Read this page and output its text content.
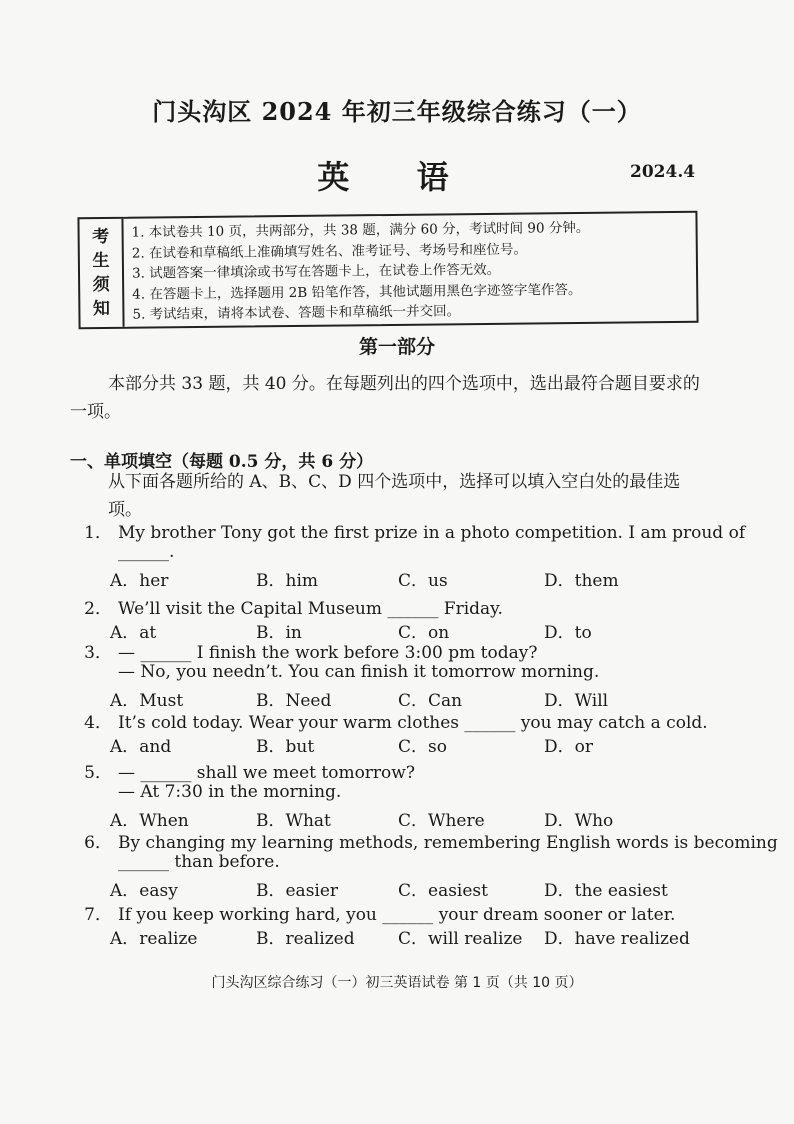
门头沟区 2024 年初三年级综合练习（一）
英 语	2024.4
考
生
须
知
1. 本试卷共 10 页，共两部分，共 38 题，满分 60 分，考试时间 90 分钟。
2. 在试卷和草稿纸上准确填写姓名、准考证号、考场号和座位号。
3. 试题答案一律填涂或书写在答题卡上，在试卷上作答无效。
4. 在答题卡上，选择题用 2B 铅笔作答，其他试题用黑色字迹签字笔作答。
5. 考试结束，请将本试卷、答题卡和草稿纸一并交回。
第一部分
本部分共 33 题，共 40 分。在每题列出的四个选项中，选出最符合题目要求的一项。
一、单项填空（每题 0.5 分，共 6 分）
从下面各题所给的 A、B、C、D 四个选项中，选择可以填入空白处的最佳选项。
1． My brother Tony got the first prize in a photo competition. I am proud of
______.
A．her	B．him	C．us	D．them
2． We’ll visit the Capital Museum ______ Friday.
A．at	B．in	C．on	D．to
3． — ______ I finish the work before 3:00 pm today?
— No, you needn’t. You can finish it tomorrow morning.
A．Must	B．Need	C．Can	D．Will
4． It’s cold today. Wear your warm clothes ______ you may catch a cold.
A．and	B．but	C．so	D．or
5． — ______ shall we meet tomorrow?
— At 7:30 in the morning.
A．When	B．What	C．Where	D．Who
6． By changing my learning methods, remembering English words is becoming
______ than before.
A．easy	B．easier	C．easiest	D．the easiest
7． If you keep working hard, you ______ your dream sooner or later.
A．realize	B．realized	C．will realize D．have realized
门头沟区综合练习（一）初三英语试卷 第 1 页（共 10 页）
